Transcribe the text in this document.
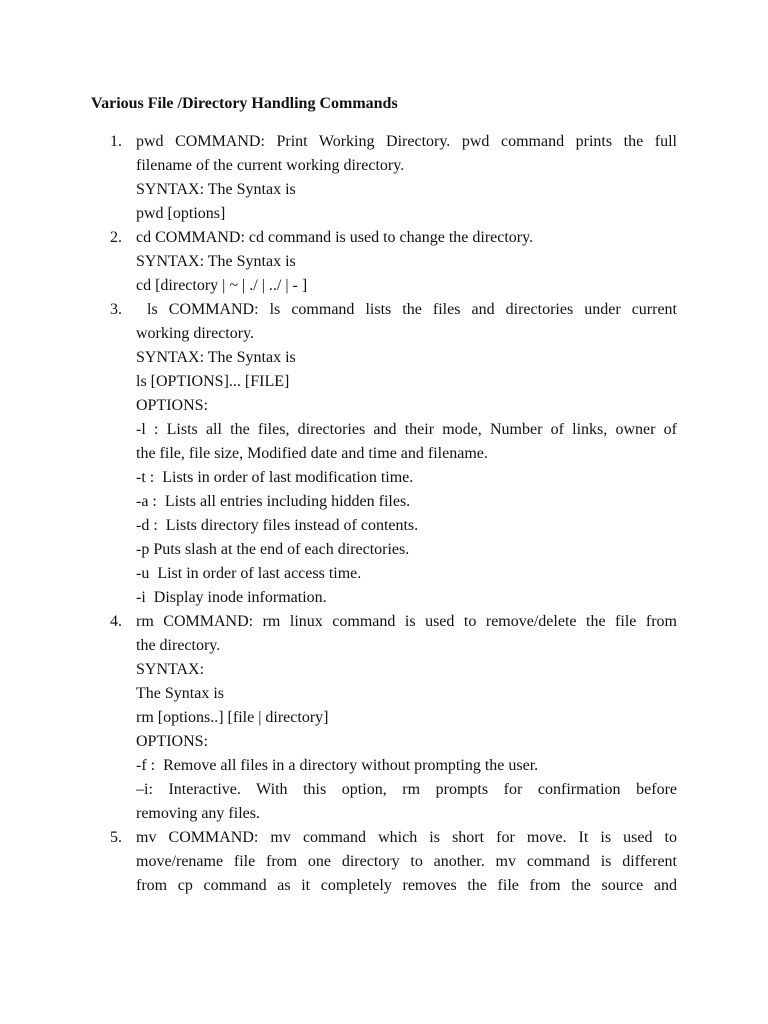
Various File /Directory Handling Commands
1. pwd COMMAND: Print Working Directory. pwd command prints the full
filename of the current working directory.
SYNTAX: The Syntax is
pwd [options]
2. cd COMMAND: cd command is used to change the directory.
SYNTAX: The Syntax is
cd [directory | ~ | ./ | ../ | - ]
3. ls COMMAND: ls command lists the files and directories under current
working directory.
SYNTAX: The Syntax is
ls [OPTIONS]... [FILE]
OPTIONS:
-l : Lists all the files, directories and their mode, Number of links, owner of
the file, file size, Modified date and time and filename.
-t :  Lists in order of last modification time.
-a :  Lists all entries including hidden files.
-d :  Lists directory files instead of contents.
-p Puts slash at the end of each directories.
-u  List in order of last access time.
-i  Display inode information.
4. rm COMMAND: rm linux command is used to remove/delete the file from
the directory.
SYNTAX:
The Syntax is
rm [options..] [file | directory]
OPTIONS:
-f :  Remove all files in a directory without prompting the user.
–i: Interactive. With this option, rm prompts for confirmation before
removing any files.
5. mv COMMAND: mv command which is short for move. It is used to
move/rename file from one directory to another. mv command is different
from cp command as it completely removes the file from the source and
